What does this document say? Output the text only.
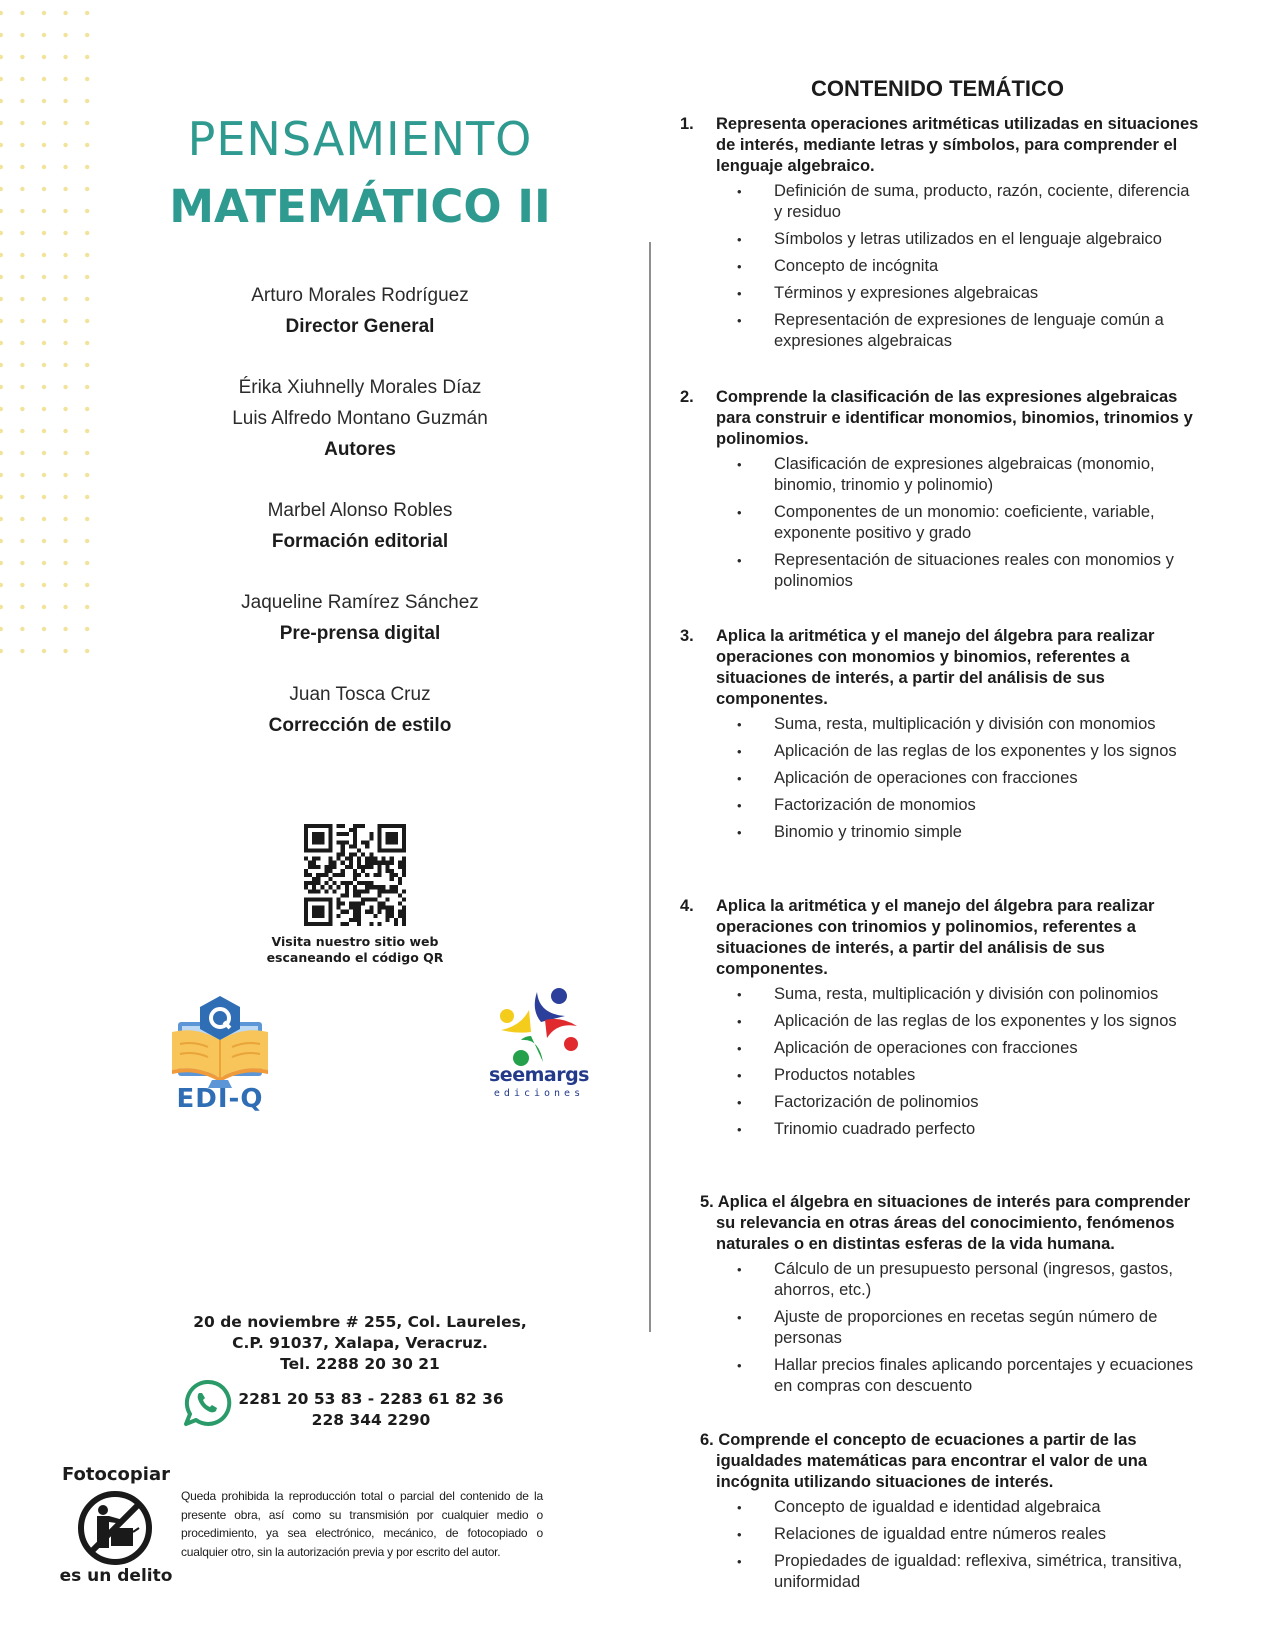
PENSAMIENTO
MATEMÁTICO II
Arturo Morales Rodríguez
Director General
Érika Xiuhnelly Morales Díaz
Luis Alfredo Montano Guzmán
Autores
Marbel Alonso Robles
Formación editorial
Jaqueline Ramírez Sánchez
Pre-prensa digital
Juan Tosca Cruz
Corrección de estilo
Visita nuestro sitio web
escaneando el código QR
EDI-Q
seemargs
ediciones
20 de noviembre # 255, Col. Laureles,
C.P. 91037, Xalapa, Veracruz.
Tel. 2288 20 30 21
2281 20 53 83 - 2283 61 82 36
228 344 2290
Fotocopiar
es un delito
Queda prohibida la reproducción total o parcial del contenido de la presente obra, así como su transmisión por cualquier medio o procedimiento, ya sea electrónico, mecánico, de fotocopiado o cualquier otro, sin la autorización previa y por escrito del autor.
CONTENIDO TEMÁTICO
1. Representa operaciones aritméticas utilizadas en situaciones de interés, mediante letras y símbolos, para comprender el lenguaje algebraico.
• Definición de suma, producto, razón, cociente, diferencia y residuo
• Símbolos y letras utilizados en el lenguaje algebraico
• Concepto de incógnita
• Términos y expresiones algebraicas
• Representación de expresiones de lenguaje común a expresiones algebraicas
2. Comprende la clasificación de las expresiones algebraicas para construir e identificar monomios, binomios, trinomios y polinomios.
• Clasificación de expresiones algebraicas (monomio, binomio, trinomio y polinomio)
• Componentes de un monomio: coeficiente, variable, exponente positivo y grado
• Representación de situaciones reales con monomios y polinomios
3. Aplica la aritmética y el manejo del álgebra para realizar operaciones con monomios y binomios, referentes a situaciones de interés, a partir del análisis de sus componentes.
• Suma, resta, multiplicación y división con monomios
• Aplicación de las reglas de los exponentes y los signos
• Aplicación de operaciones con fracciones
• Factorización de monomios
• Binomio y trinomio simple
4. Aplica la aritmética y el manejo del álgebra para realizar operaciones con trinomios y polinomios, referentes a situaciones de interés, a partir del análisis de sus componentes.
• Suma, resta, multiplicación y división con polinomios
• Aplicación de las reglas de los exponentes y los signos
• Aplicación de operaciones con fracciones
• Productos notables
• Factorización de polinomios
• Trinomio cuadrado perfecto
5. Aplica el álgebra en situaciones de interés para comprender su relevancia en otras áreas del conocimiento, fenómenos naturales o en distintas esferas de la vida humana.
• Cálculo de un presupuesto personal (ingresos, gastos, ahorros, etc.)
• Ajuste de proporciones en recetas según número de personas
• Hallar precios finales aplicando porcentajes y ecuaciones en compras con descuento
6. Comprende el concepto de ecuaciones a partir de las igualdades matemáticas para encontrar el valor de una incógnita utilizando situaciones de interés.
• Concepto de igualdad e identidad algebraica
• Relaciones de igualdad entre números reales
• Propiedades de igualdad: reflexiva, simétrica, transitiva, uniformidad
